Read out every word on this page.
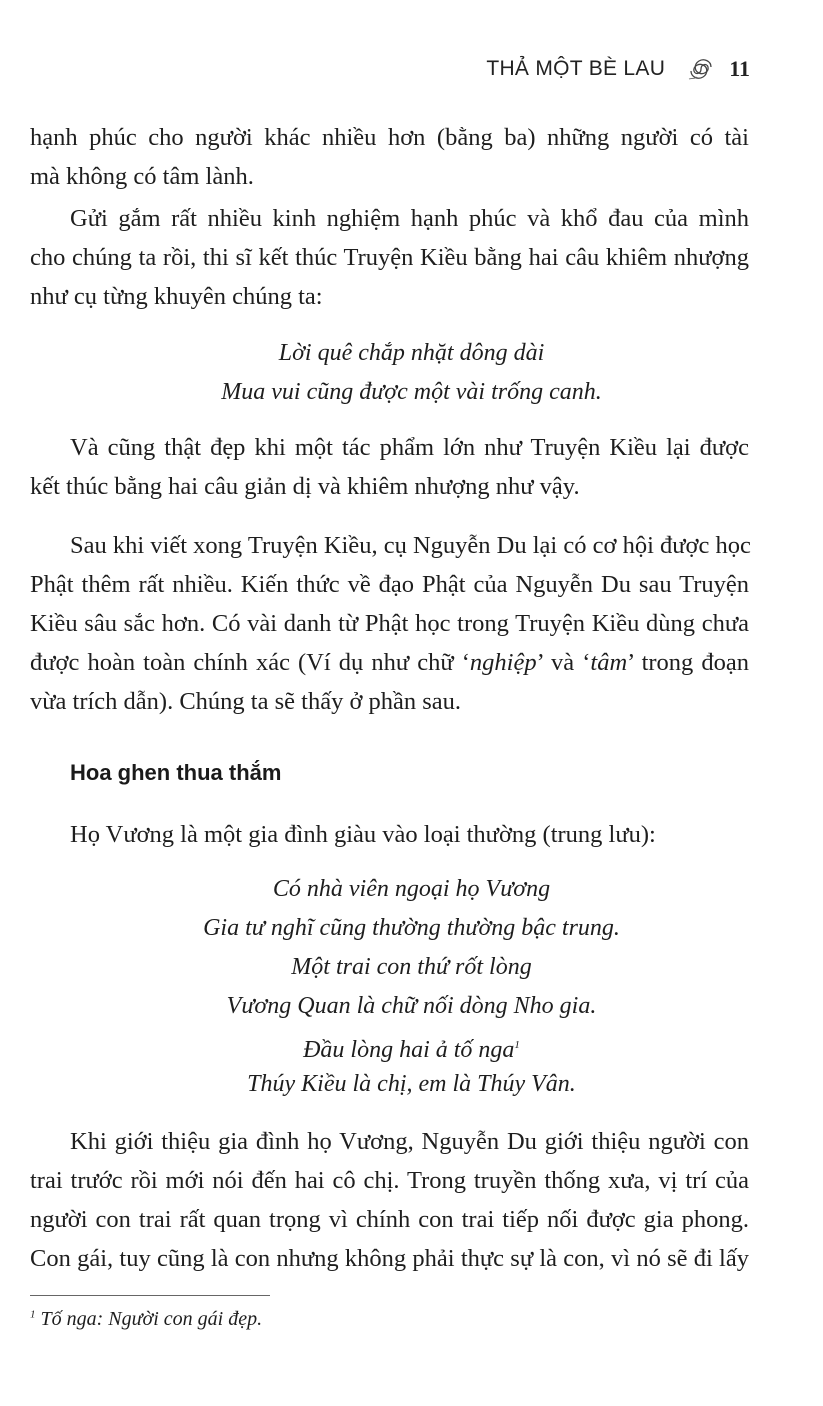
THẢ MỘT BÈ LAU	11
hạnh phúc cho người khác nhiều hơn (bằng ba) những người có tài
mà không có tâm lành.
Gửi gắm rất nhiều kinh nghiệm hạnh phúc và khổ đau của mình
cho chúng ta rồi, thi sĩ kết thúc Truyện Kiều bằng hai câu khiêm nhượng
như cụ từng khuyên chúng ta:
Lời quê chắp nhặt dông dài
Mua vui cũng được một vài trống canh.
Và cũng thật đẹp khi một tác phẩm lớn như Truyện Kiều lại được
kết thúc bằng hai câu giản dị và khiêm nhượng như vậy.
Sau khi viết xong Truyện Kiều, cụ Nguyễn Du lại có cơ hội được học
Phật thêm rất nhiều. Kiến thức về đạo Phật của Nguyễn Du sau Truyện
Kiều sâu sắc hơn. Có vài danh từ Phật học trong Truyện Kiều dùng chưa
được hoàn toàn chính xác (Ví dụ như chữ ‘nghiệp’ và ‘tâm’ trong đoạn
vừa trích dẫn). Chúng ta sẽ thấy ở phần sau.
Hoa ghen thua thắm
Họ Vương là một gia đình giàu vào loại thường (trung lưu):
Có nhà viên ngoại họ Vương
Gia tư nghĩ cũng thường thường bậc trung.
Một trai con thứ rốt lòng
Vương Quan là chữ nối dòng Nho gia.
Đầu lòng hai ả tố nga$^1$
Thúy Kiều là chị, em là Thúy Vân.
Khi giới thiệu gia đình họ Vương, Nguyễn Du giới thiệu người con
trai trước rồi mới nói đến hai cô chị. Trong truyền thống xưa, vị trí của
người con trai rất quan trọng vì chính con trai tiếp nối được gia phong.
Con gái, tuy cũng là con nhưng không phải thực sự là con, vì nó sẽ đi lấy
$^1$ Tố nga: Người con gái đẹp.
